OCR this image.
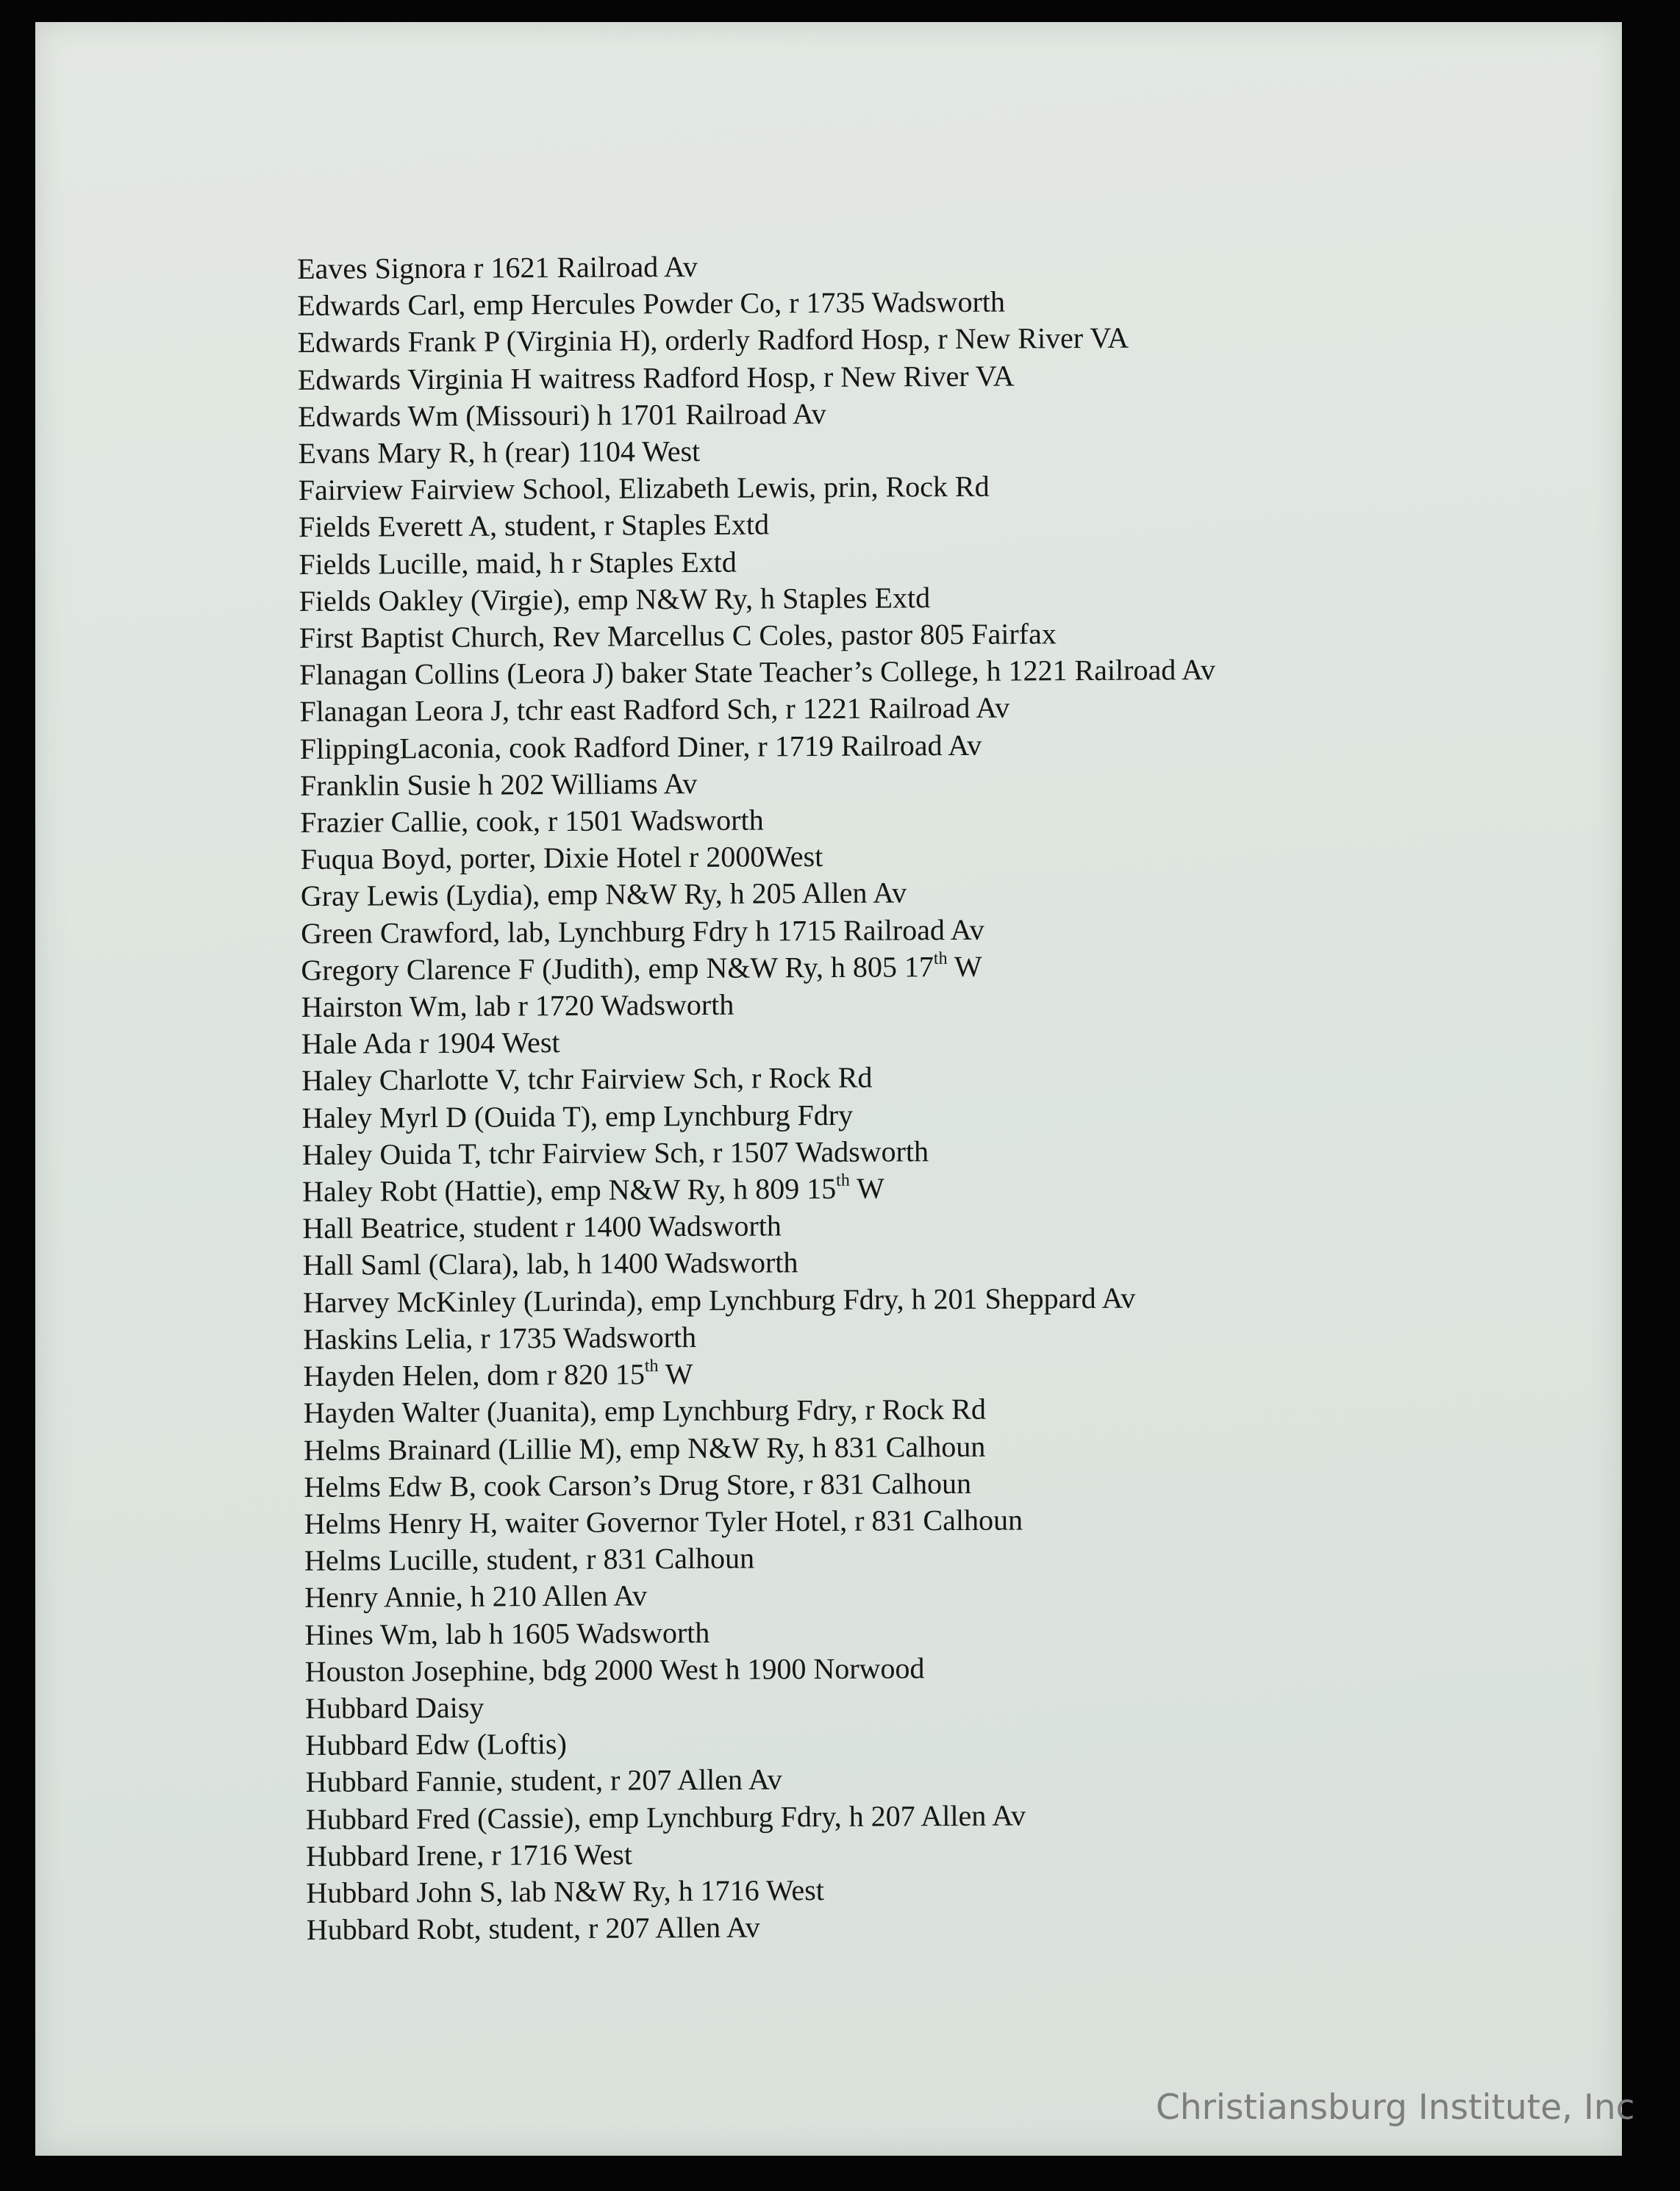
Eaves Signora r 1621 Railroad Av
Edwards Carl, emp Hercules Powder Co, r 1735 Wadsworth
Edwards Frank P (Virginia H), orderly Radford Hosp, r New River VA
Edwards Virginia H waitress Radford Hosp, r New River VA
Edwards Wm (Missouri) h 1701 Railroad Av
Evans Mary R, h (rear) 1104 West
Fairview Fairview School, Elizabeth Lewis, prin, Rock Rd
Fields Everett A, student, r Staples Extd
Fields Lucille, maid, h r Staples Extd
Fields Oakley (Virgie), emp N&W Ry, h Staples Extd
First Baptist Church, Rev Marcellus C Coles, pastor 805 Fairfax
Flanagan Collins (Leora J) baker State Teacher’s College, h 1221 Railroad Av
Flanagan Leora J, tchr east Radford Sch, r 1221 Railroad Av
FlippingLaconia, cook Radford Diner, r 1719 Railroad Av
Franklin Susie h 202 Williams Av
Frazier Callie, cook, r 1501 Wadsworth
Fuqua Boyd, porter, Dixie Hotel r 2000West
Gray Lewis (Lydia), emp N&W Ry, h 205 Allen Av
Green Crawford, lab, Lynchburg Fdry h 1715 Railroad Av
Gregory Clarence F (Judith), emp N&W Ry, h 805 17th W
Hairston Wm, lab r 1720 Wadsworth
Hale Ada r 1904 West
Haley Charlotte V, tchr Fairview Sch, r Rock Rd
Haley Myrl D (Ouida T), emp Lynchburg Fdry
Haley Ouida T, tchr Fairview Sch, r 1507 Wadsworth
Haley Robt (Hattie), emp N&W Ry, h 809 15th W
Hall Beatrice, student r 1400 Wadsworth
Hall Saml (Clara), lab, h 1400 Wadsworth
Harvey McKinley (Lurinda), emp Lynchburg Fdry, h 201 Sheppard Av
Haskins Lelia, r 1735 Wadsworth
Hayden Helen, dom r 820 15th W
Hayden Walter (Juanita), emp Lynchburg Fdry, r Rock Rd
Helms Brainard (Lillie M), emp N&W Ry, h 831 Calhoun
Helms Edw B, cook Carson’s Drug Store, r 831 Calhoun
Helms Henry H, waiter Governor Tyler Hotel, r 831 Calhoun
Helms Lucille, student, r 831 Calhoun
Henry Annie, h 210 Allen Av
Hines Wm, lab h 1605 Wadsworth
Houston Josephine, bdg 2000 West h 1900 Norwood
Hubbard Daisy
Hubbard Edw (Loftis)
Hubbard Fannie, student, r 207 Allen Av
Hubbard Fred (Cassie), emp Lynchburg Fdry, h 207 Allen Av
Hubbard Irene, r 1716 West
Hubbard John S, lab N&W Ry, h 1716 West
Hubbard Robt, student, r 207 Allen Av
Christiansburg Institute, Inc
